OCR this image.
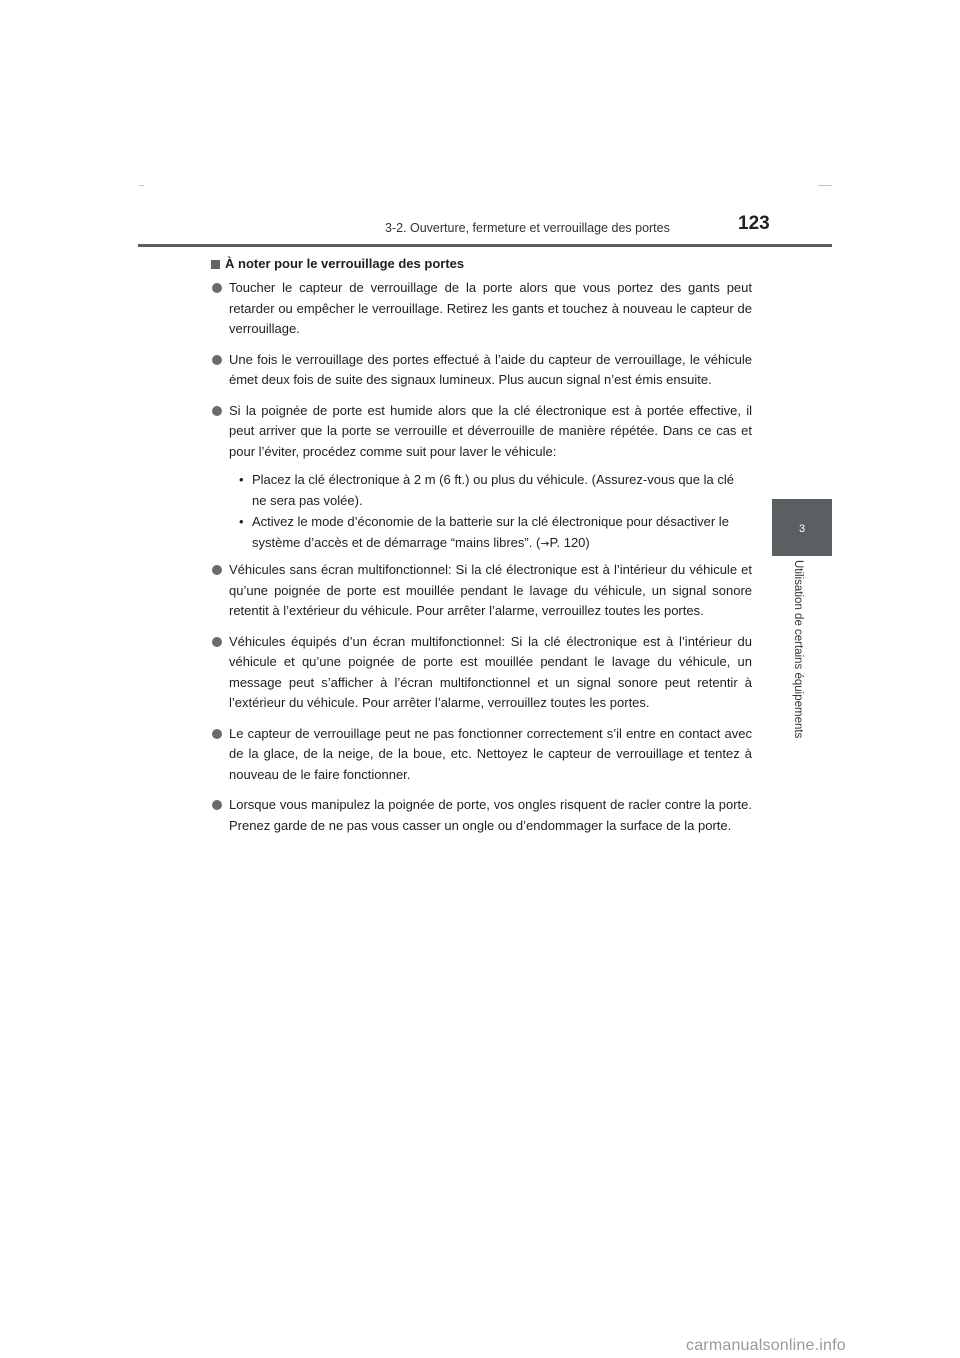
3-2. Ouverture, fermeture et verrouillage des portes	123
3
Utilisation de certains équipements
À noter pour le verrouillage des portes
Toucher le capteur de verrouillage de la porte alors que vous portez des gants peut retarder ou empêcher le verrouillage. Retirez les gants et touchez à nouveau le capteur de verrouillage.
Une fois le verrouillage des portes effectué à l’aide du capteur de verrouillage, le véhicule émet deux fois de suite des signaux lumineux. Plus aucun signal n’est émis ensuite.
Si la poignée de porte est humide alors que la clé électronique est à portée effective, il peut arriver que la porte se verrouille et déverrouille de manière répétée. Dans ce cas et pour l’éviter, procédez comme suit pour laver le véhicule:
• Placez la clé électronique à 2 m (6 ft.) ou plus du véhicule. (Assurez-vous que la clé ne sera pas volée).
• Activez le mode d’économie de la batterie sur la clé électronique pour désactiver le système d’accès et de démarrage “mains libres”. (→P. 120)
Véhicules sans écran multifonctionnel: Si la clé électronique est à l’intérieur du véhicule et qu’une poignée de porte est mouillée pendant le lavage du véhicule, un signal sonore retentit à l’extérieur du véhicule. Pour arrêter l’alarme, verrouillez toutes les portes.
Véhicules équipés d’un écran multifonctionnel: Si la clé électronique est à l’intérieur du véhicule et qu’une poignée de porte est mouillée pendant le lavage du véhicule, un message peut s’afficher à l’écran multifonctionnel et un signal sonore peut retentir à l’extérieur du véhicule. Pour arrêter l’alarme, verrouillez toutes les portes.
Le capteur de verrouillage peut ne pas fonctionner correctement s’il entre en contact avec de la glace, de la neige, de la boue, etc. Nettoyez le capteur de verrouillage et tentez à nouveau de le faire fonctionner.
Lorsque vous manipulez la poignée de porte, vos ongles risquent de racler contre la porte. Prenez garde de ne pas vous casser un ongle ou d’endommager la surface de la porte.
carmanualsonline.info
